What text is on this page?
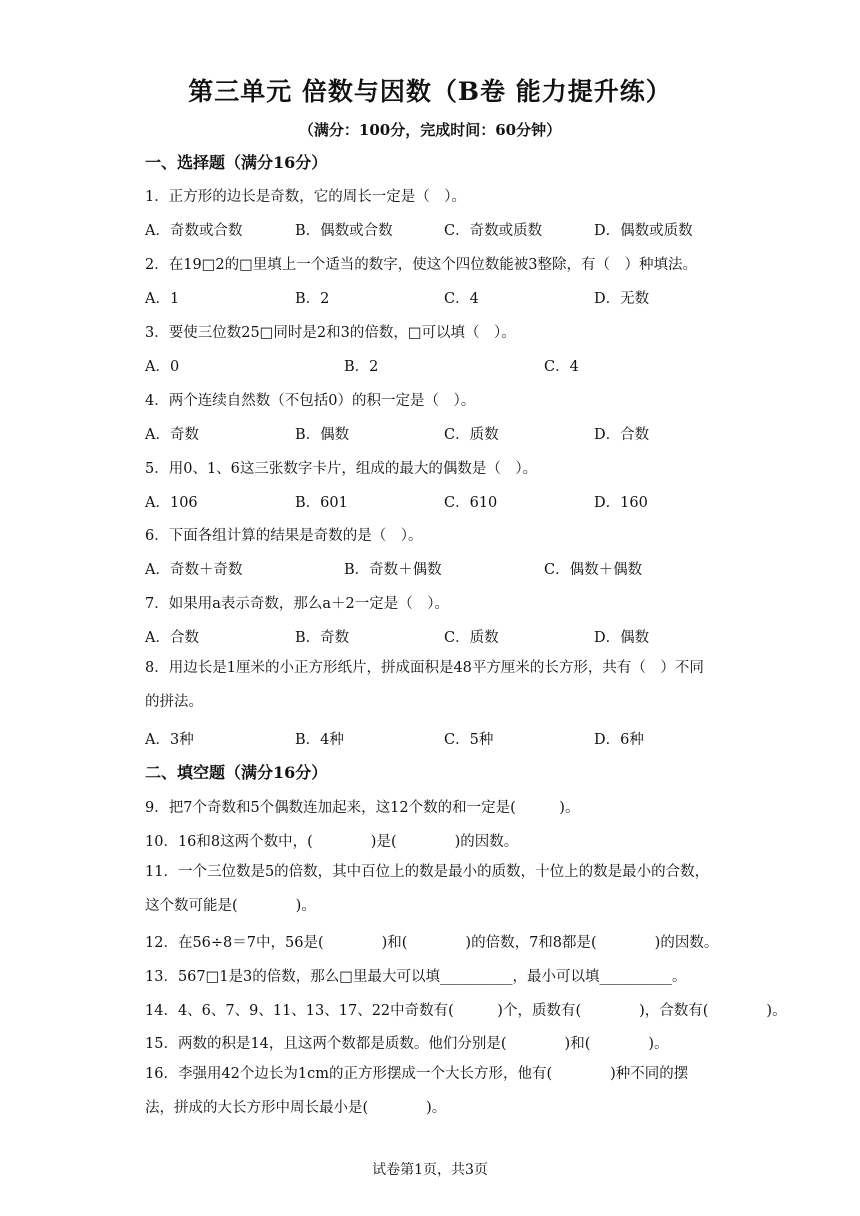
第三单元 倍数与因数（B卷 能力提升练）
（满分：100分，完成时间：60分钟）
一、选择题（满分16分）
1．正方形的边长是奇数，它的周长一定是（　）。
A．奇数或合数	B．偶数或合数	C．奇数或质数	D．偶数或质数
2．在19□2的□里填上一个适当的数字，使这个四位数能被3整除，有（　）种填法。
A．1	B．2	C．4	D．无数
3．要使三位数25□同时是2和3的倍数，□可以填（　）。
A．0	B．2	C．4
4．两个连续自然数（不包括0）的积一定是（　）。
A．奇数	B．偶数	C．质数	D．合数
5．用0、1、6这三张数字卡片，组成的最大的偶数是（　）。
A．106	B．601	C．610	D．160
6．下面各组计算的结果是奇数的是（　）。
A．奇数＋奇数	B．奇数＋偶数	C．偶数＋偶数
7．如果用a表示奇数，那么a＋2一定是（　）。
A．合数	B．奇数	C．质数	D．偶数
8．用边长是1厘米的小正方形纸片，拼成面积是48平方厘米的长方形，共有（　）不同的拼法。
A．3种	B．4种	C．5种	D．6种
二、填空题（满分16分）
9．把7个奇数和5个偶数连加起来，这12个数的和一定是(　　　)。
10．16和8这两个数中，(　　　　)是(　　　　)的因数。
11．一个三位数是5的倍数，其中百位上的数是最小的质数，十位上的数是最小的合数，这个数可能是(　　　　)。
12．在56÷8＝7中，56是(　　　　)和(　　　　)的倍数，7和8都是(　　　　)的因数。
13．567□1是3的倍数，那么□里最大可以填__________，最小可以填__________。
14．4、6、7、9、11、13、17、22中奇数有(　　　)个，质数有(　　　　)，合数有(　　　　)。
15．两数的积是14，且这两个数都是质数。他们分别是(　　　　)和(　　　　)。
16．李强用42个边长为1cm的正方形摆成一个大长方形，他有(　　　　)种不同的摆法，拼成的大长方形中周长最小是(　　　　)。
试卷第1页，共3页
